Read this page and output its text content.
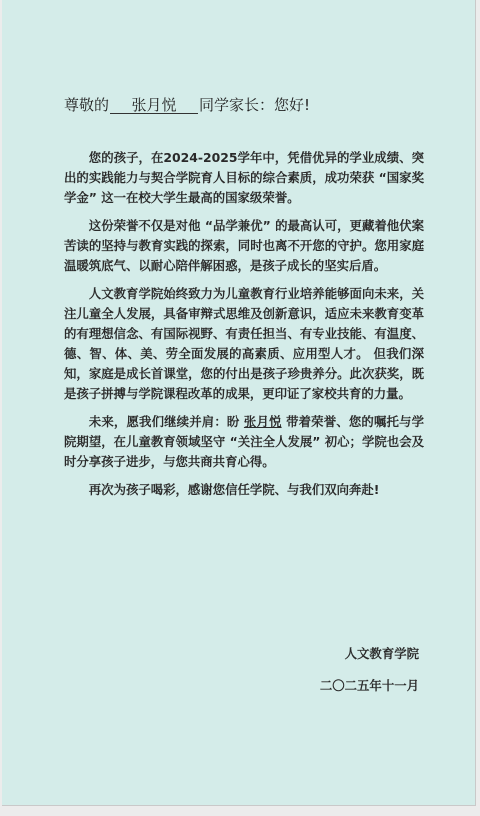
尊敬的 张月悦 同学家长：您好!

您的孩子，在2024-2025学年中，凭借优异的学业成绩、突出的实践能力与契合学院育人目标的综合素质，成功荣获 “国家奖学金” 这一在校大学生最高的国家级荣誉。

这份荣誉不仅是对他 “品学兼优” 的最高认可，更藏着他伏案苦读的坚持与教育实践的探索，同时也离不开您的守护。您用家庭温暖筑底气、以耐心陪伴解困惑，是孩子成长的坚实后盾。

人文教育学院始终致力为儿童教育行业培养能够面向未来，关注儿童全人发展，具备审辩式思维及创新意识，适应未来教育变革的有理想信念、有国际视野、有责任担当、有专业技能、有温度、德、智、体、美、劳全面发展的高素质、应用型人才。 但我们深知，家庭是成长首课堂，您的付出是孩子珍贵养分。此次获奖，既是孩子拼搏与学院课程改革的成果，更印证了家校共育的力量。

未来，愿我们继续并肩：盼 张月悦 带着荣誉、您的嘱托与学院期望，在儿童教育领域坚守 “关注全人发展” 初心；学院也会及时分享孩子进步，与您共商共育心得。

再次为孩子喝彩，感谢您信任学院、与我们双向奔赴!

人文教育学院
二〇二五年十一月
